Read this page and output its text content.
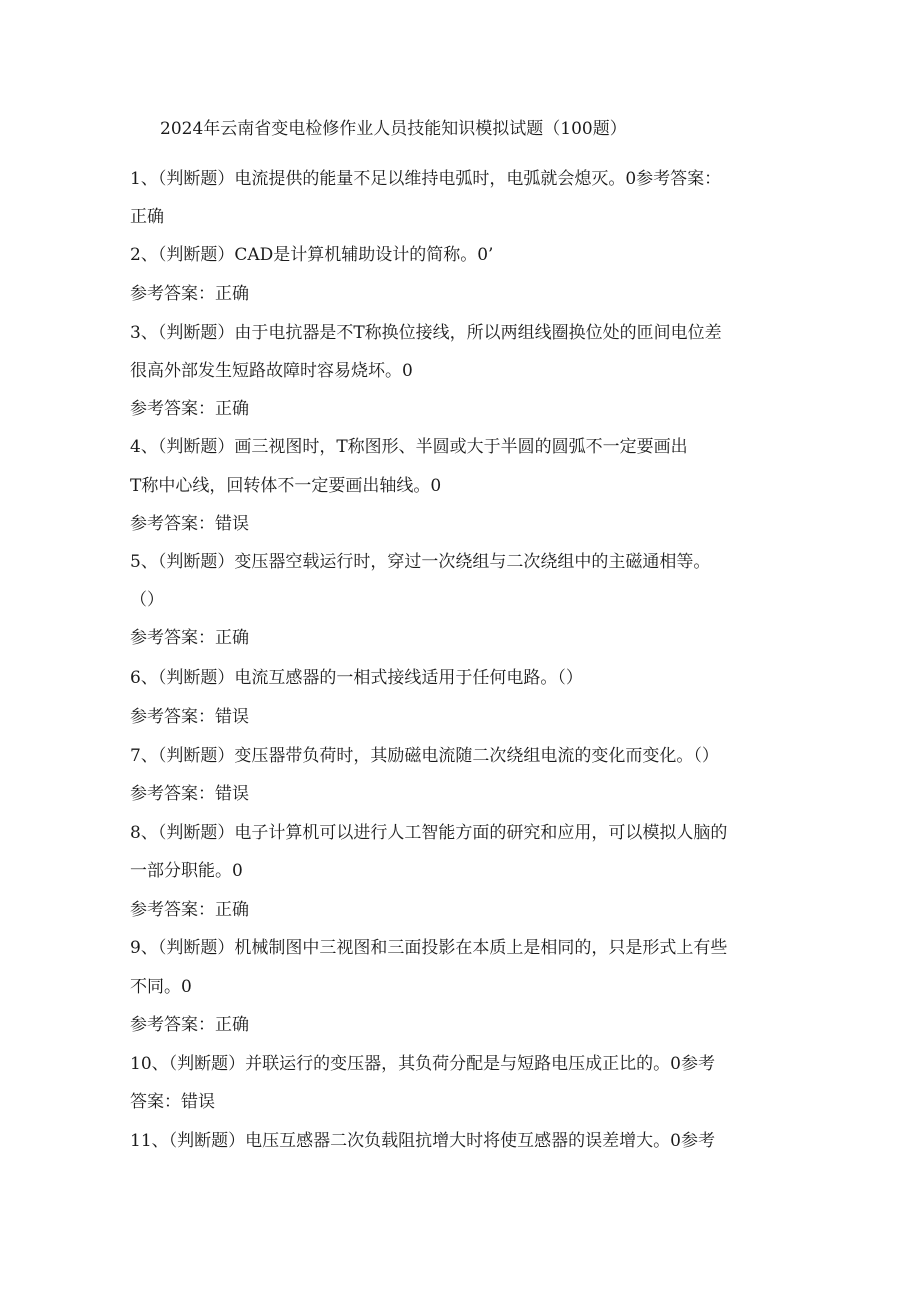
2024年云南省变电检修作业人员技能知识模拟试题（100题）
1、（判断题）电流提供的能量不足以维持电弧时，电弧就会熄灭。0参考答案：
正确
2、（判断题）CAD是计算机辅助设计的简称。0’
参考答案：正确
3、（判断题）由于电抗器是不T称换位接线，所以两组线圈换位处的匝间电位差
很高外部发生短路故障时容易烧坏。0
参考答案：正确
4、（判断题）画三视图时，T称图形、半圆或大于半圆的圆弧不一定要画出
T称中心线，回转体不一定要画出轴线。0
参考答案：错误
5、（判断题）变压器空载运行时，穿过一次绕组与二次绕组中的主磁通相等。
（）
参考答案：正确
6、（判断题）电流互感器的一相式接线适用于任何电路。（）
参考答案：错误
7、（判断题）变压器带负荷时，其励磁电流随二次绕组电流的变化而变化。（）
参考答案：错误
8、（判断题）电子计算机可以进行人工智能方面的研究和应用，可以模拟人脑的
一部分职能。0
参考答案：正确
9、（判断题）机械制图中三视图和三面投影在本质上是相同的，只是形式上有些
不同。0
参考答案：正确
10、（判断题）并联运行的变压器，其负荷分配是与短路电压成正比的。0参考
答案：错误
11、（判断题）电压互感器二次负载阻抗增大时将使互感器的误差增大。0参考
